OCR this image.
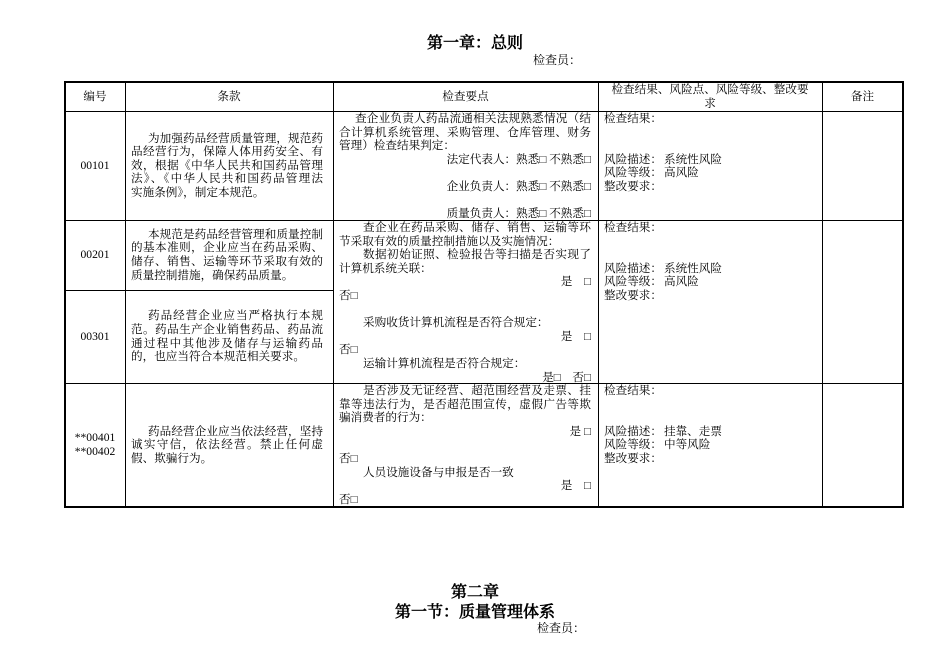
第一章：总则
检查员：
编号	条款	检查要点
检查结果、风险点、风险等级、整改要
求
备注
00101
为加强药品经营质量管理，规范药
品经营行为，保障人体用药安全、有
效，根据《中华人民共和国药品管理
法》、《中华人民共和国药品管理法
实施条例》，制定本规范。
查企业负责人药品流通相关法规熟悉情况（结
合计算机系统管理、采购管理、仓库管理、财务
管理）检查结果判定：
法定代表人：熟悉□ 不熟悉□
企业负责人：熟悉□ 不熟悉□
质量负责人：熟悉□ 不熟悉□
检查结果：
风险描述： 系统性风险
风险等级： 高风险
整改要求：
00201
本规范是药品经营管理和质量控制
的基本准则，企业应当在药品采购、
储存、销售、运输等环节采取有效的
质量控制措施，确保药品质量。
00301
药品经营企业应当严格执行本规
范。药品生产企业销售药品、药品流
通过程中其他涉及储存与运输药品
的，也应当符合本规范相关要求。
查企业在药品采购、储存、销售、运输等环
节采取有效的质量控制措施以及实施情况：
数据初始证照、检验报告等扫描是否实现了
计算机系统关联：
是　□
否□
采购收货计算机流程是否符合规定：
是　□
否□
运输计算机流程是否符合规定：
是□　否□
检查结果：
风险描述： 系统性风险
风险等级： 高风险
整改要求：
**00401
**00402
药品经营企业应当依法经营，坚持
诚实守信，依法经营。禁止任何虚
假、欺骗行为。
是否涉及无证经营、超范围经营及走票、挂
靠等违法行为，是否超范围宣传，虚假广告等欺
骗消费者的行为：
是 □
否□
人员设施设备与申报是否一致
是　□
否□
检查结果：
风险描述： 挂靠、走票
风险等级： 中等风险
整改要求：
第二章
第一节：质量管理体系
检查员：
